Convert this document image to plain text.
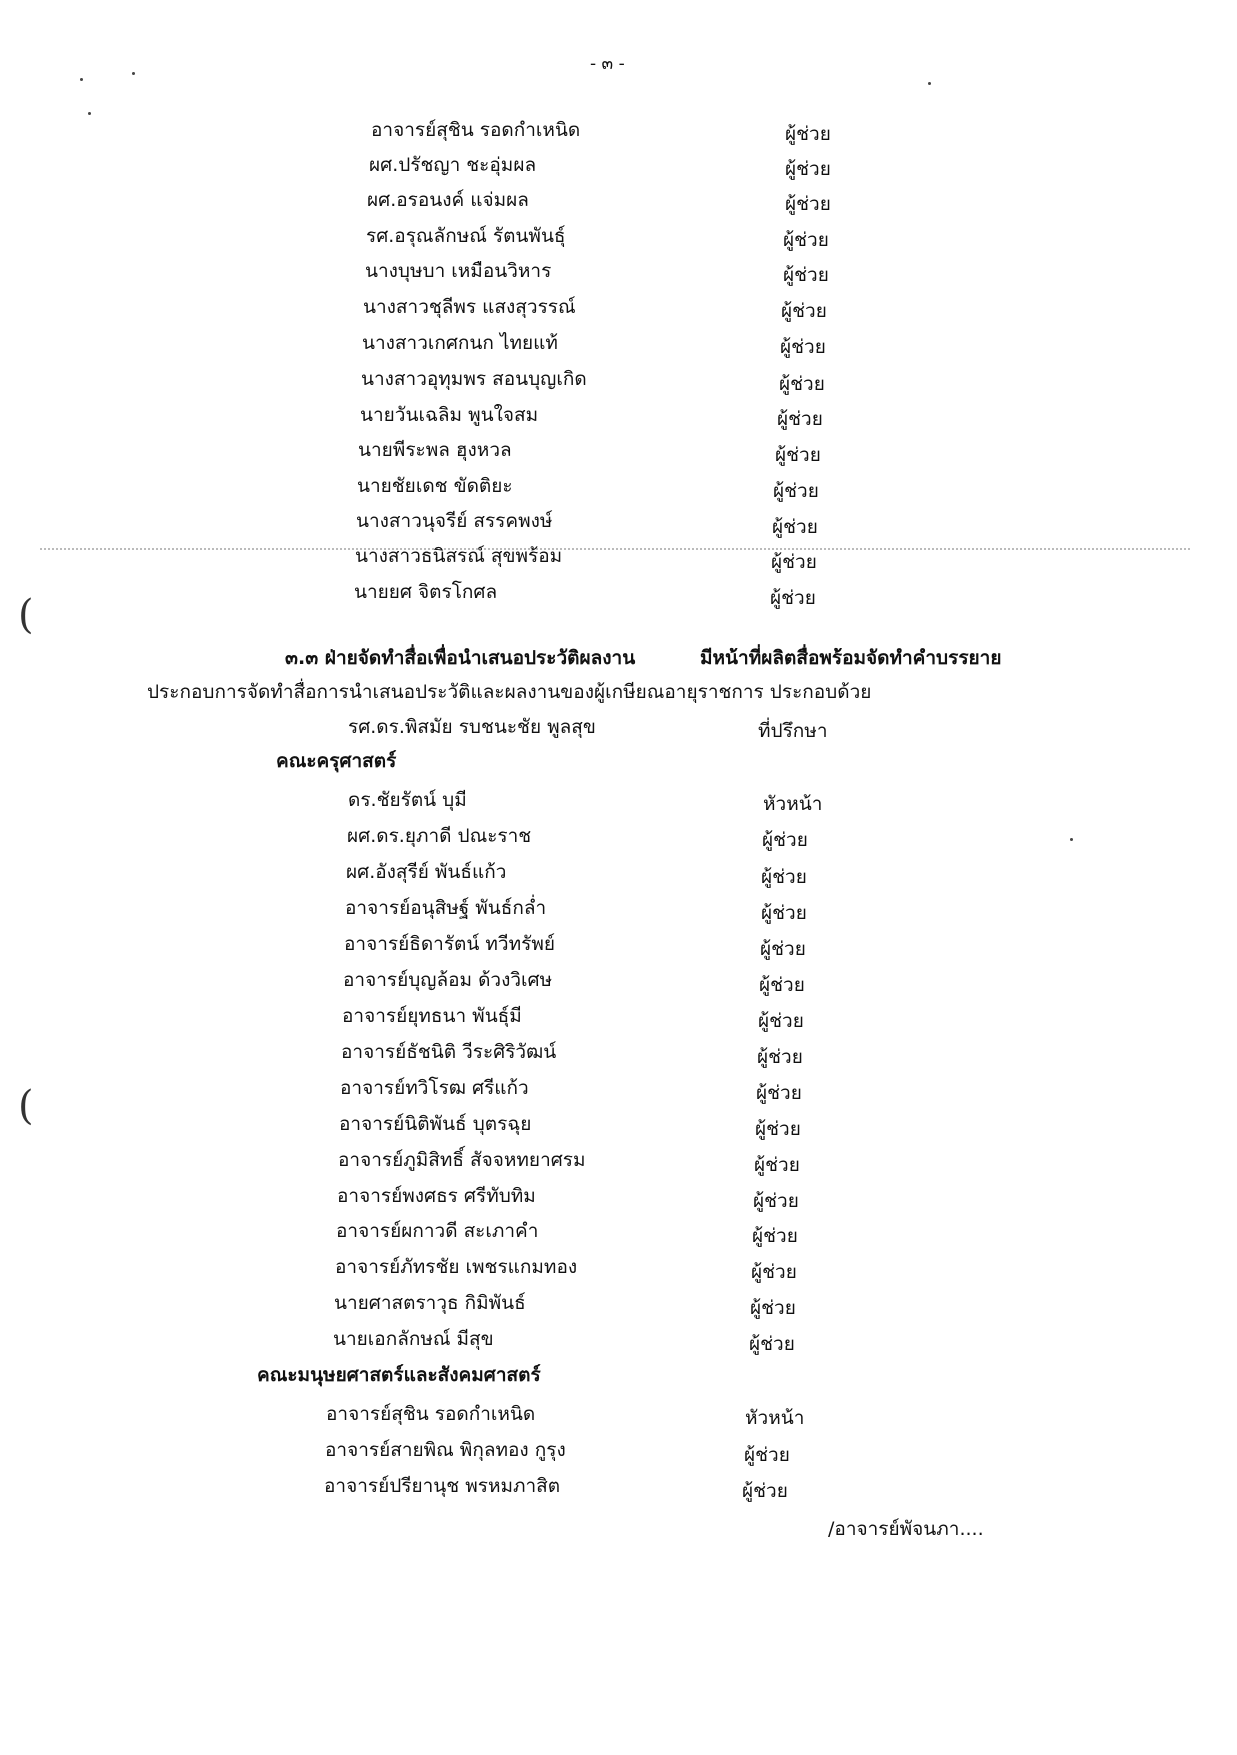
- ๓ -
(
(
อาจารย์สุชิน รอดกำเหนิด	ผู้ช่วย
ผศ.ปรัชญา ชะอุ่มผล	ผู้ช่วย
ผศ.อรอนงค์ แจ่มผล	ผู้ช่วย
รศ.อรุณลักษณ์ รัตนพันธุ์	ผู้ช่วย
นางบุษบา เหมือนวิหาร	ผู้ช่วย
นางสาวชุลีพร แสงสุวรรณ์	ผู้ช่วย
นางสาวเกศกนก ไทยแท้	ผู้ช่วย
นางสาวอุทุมพร สอนบุญเกิด	ผู้ช่วย
นายวันเฉลิม พูนใจสม	ผู้ช่วย
นายพีระพล ฮุงหวล	ผู้ช่วย
นายชัยเดช ขัดติยะ	ผู้ช่วย
นางสาวนุจรีย์ สรรคพงษ์	ผู้ช่วย
นางสาวธนิสรณ์ สุขพร้อม	ผู้ช่วย
นายยศ จิตรโกศล	ผู้ช่วย
๓.๓ ฝ่ายจัดทำสื่อเพื่อนำเสนอประวัติผลงาน	มีหน้าที่ผลิตสื่อพร้อมจัดทำคำบรรยาย
ประกอบการจัดทำสื่อการนำเสนอประวัติและผลงานของผู้เกษียณอายุราชการ ประกอบด้วย
รศ.ดร.พิสมัย รบชนะชัย พูลสุข	ที่ปรึกษา
คณะครุศาสตร์
ดร.ชัยรัตน์ บุมี	หัวหน้า
ผศ.ดร.ยุภาดี ปณะราช	ผู้ช่วย
ผศ.อังสุรีย์ พันธ์แก้ว	ผู้ช่วย
อาจารย์อนุสิษฐ์ พันธ์กล่ำ	ผู้ช่วย
อาจารย์ธิดารัตน์ ทวีทรัพย์	ผู้ช่วย
อาจารย์บุญล้อม ด้วงวิเศษ	ผู้ช่วย
อาจารย์ยุทธนา พันธุ์มี	ผู้ช่วย
อาจารย์ธัชนิติ วีระศิริวัฒน์	ผู้ช่วย
อาจารย์ทวิโรฒ ศรีแก้ว	ผู้ช่วย
อาจารย์นิติพันธ์ บุตรฉุย	ผู้ช่วย
อาจารย์ภูมิสิทธิ์ สัจจหทยาศรม	ผู้ช่วย
อาจารย์พงศธร ศรีทับทิม	ผู้ช่วย
อาจารย์ผกาวดี สะเภาคำ	ผู้ช่วย
อาจารย์ภัทรชัย เพชรแกมทอง	ผู้ช่วย
นายศาสตราวุธ กิมิพันธ์	ผู้ช่วย
นายเอกลักษณ์ มีสุข	ผู้ช่วย
คณะมนุษยศาสตร์และสังคมศาสตร์
อาจารย์สุชิน รอดกำเหนิด	หัวหน้า
อาจารย์สายพิณ พิกุลทอง กูรุง	ผู้ช่วย
อาจารย์ปรียานุช พรหมภาสิต	ผู้ช่วย
/อาจารย์พัจนภา....
